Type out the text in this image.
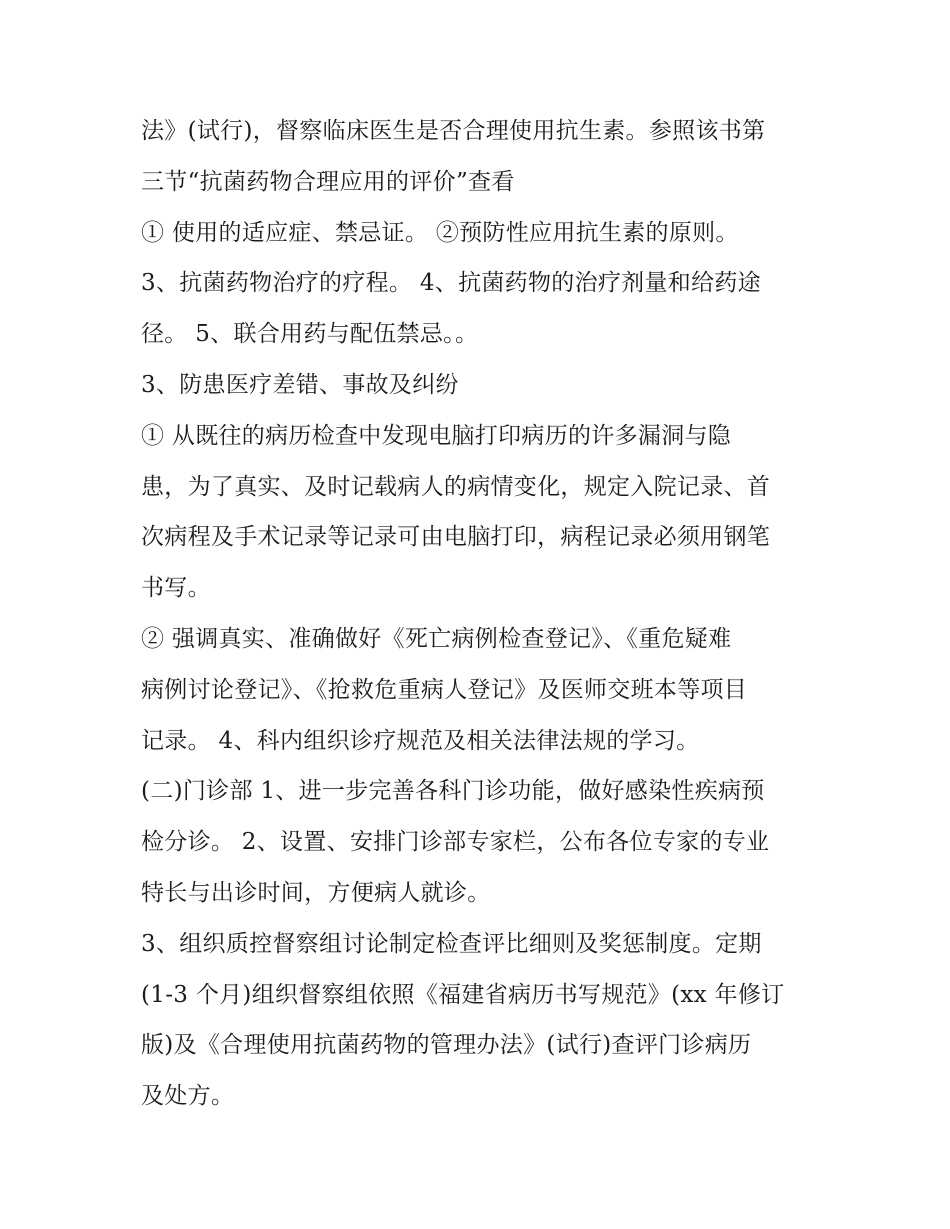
法》(试行)，督察临床医生是否合理使用抗生素。参照该书第
三节“抗菌药物合理应用的评价”查看
① 使用的适应症、禁忌证。 ②预防性应用抗生素的原则。
3、抗菌药物治疗的疗程。 4、抗菌药物的治疗剂量和给药途
径。 5、联合用药与配伍禁忌。。
3、防患医疗差错、事故及纠纷
① 从既往的病历检查中发现电脑打印病历的许多漏洞与隐
患，为了真实、及时记载病人的病情变化，规定入院记录、首
次病程及手术记录等记录可由电脑打印，病程记录必须用钢笔
书写。
② 强调真实、准确做好《死亡病例检查登记》、《重危疑难
病例讨论登记》、《抢救危重病人登记》及医师交班本等项目
记录。 4、科内组织诊疗规范及相关法律法规的学习。
(二)门诊部 1、进一步完善各科门诊功能，做好感染性疾病预
检分诊。 2、设置、安排门诊部专家栏，公布各位专家的专业
特长与出诊时间，方便病人就诊。
3、组织质控督察组讨论制定检查评比细则及奖惩制度。定期
(1-3 个月)组织督察组依照《福建省病历书写规范》(xx 年修订
版)及《合理使用抗菌药物的管理办法》(试行)查评门诊病历
及处方。
